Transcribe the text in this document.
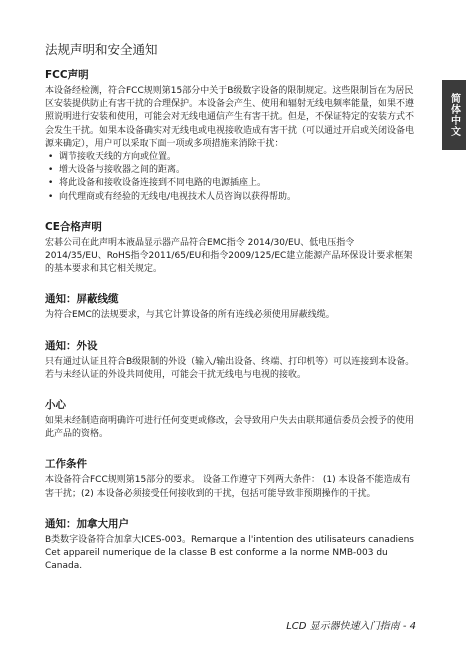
简体中文
法规声明和安全通知
FCC声明

本设备经检测，符合FCC规则第15部分中关于B级数字设备的限制规定。这些限制旨在为居民区安装提供防止有害干扰的合理保护。本设备会产生、使用和辐射无线电频率能量，如果不遵照说明进行安装和使用，可能会对无线电通信产生有害干扰。但是，不保证特定的安装方式不会发生干扰。如果本设备确实对无线电或电视接收造成有害干扰（可以通过开启或关闭设备电源来确定），用户可以采取下面一项或多项措施来消除干扰：

• 调节接收天线的方向或位置。
• 增大设备与接收器之间的距离。
• 将此设备和接收设备连接到不同电路的电源插座上。
• 向代理商或有经验的无线电/电视技术人员咨询以获得帮助。
CE合格声明

宏碁公司在此声明本液晶显示器产品符合EMC指令 2014/30/EU、低电压指令2014/35/EU、RoHS指令2011/65/EU和指令2009/125/EC建立能源产品环保设计要求框架的基本要求和其它相关规定。

通知：屏蔽线缆

为符合EMC的法规要求，与其它计算设备的所有连线必须使用屏蔽线缆。

通知：外设

只有通过认证且符合B级限制的外设（输入/输出设备、终端、打印机等）可以连接到本设备。 若与未经认证的外设共同使用，可能会干扰无线电与电视的接收。

小心

如果未经制造商明确许可进行任何变更或修改，会导致用户失去由联邦通信委员会授予的使用此产品的资格。

工作条件

本设备符合FCC规则第15部分的要求。 设备工作遵守下列两大条件： (1) 本设备不能造成有害干扰；(2) 本设备必须接受任何接收到的干扰，包括可能导致非预期操作的干扰。

通知：加拿大用户

B类数字设备符合加拿大ICES-003。Remarque a l'intention des utilisateurs canadiens Cet appareil numerique de la classe B est conforme a la norme NMB-003 du Canada.

LCD 显示器快速入门指南 - 4
